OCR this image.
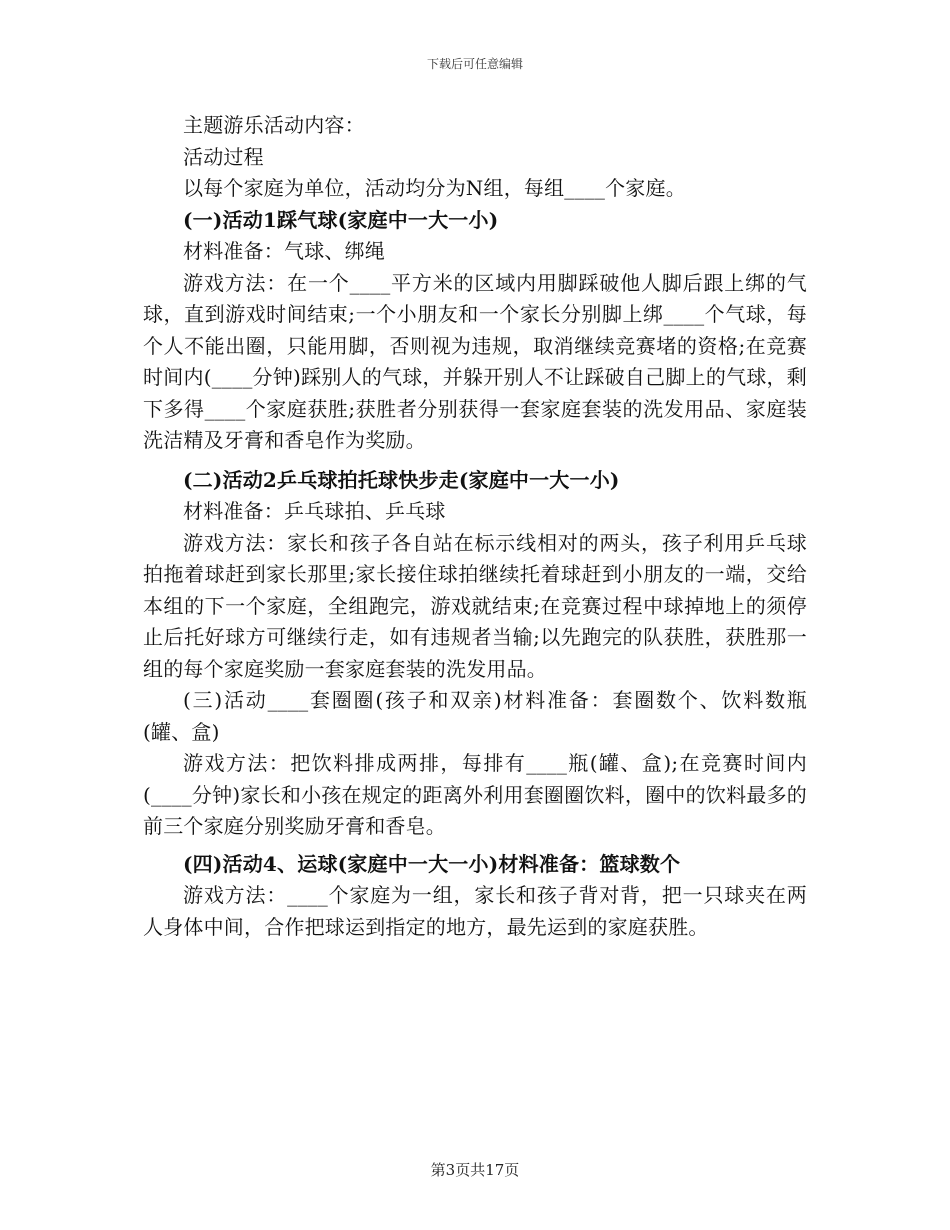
下载后可任意编辑

主题游乐活动内容：

活动过程

以每个家庭为单位，活动均分为N组，每组____个家庭。

(一)活动1踩气球(家庭中一大一小)

材料准备：气球、绑绳

游戏方法：在一个____平方米的区域内用脚踩破他人脚后跟上绑的气球，直到游戏时间结束;一个小朋友和一个家长分别脚上绑____个气球，每个人不能出圈，只能用脚，否则视为违规，取消继续竞赛堵的资格;在竞赛时间内(____分钟)踩别人的气球，并躲开别人不让踩破自己脚上的气球，剩下多得____个家庭获胜;获胜者分别获得一套家庭套装的洗发用品、家庭装洗洁精及牙膏和香皂作为奖励。

(二)活动2乒乓球拍托球快步走(家庭中一大一小)

材料准备：乒乓球拍、乒乓球

游戏方法：家长和孩子各自站在标示线相对的两头，孩子利用乒乓球拍拖着球赶到家长那里;家长接住球拍继续托着球赶到小朋友的一端，交给本组的下一个家庭，全组跑完，游戏就结束;在竞赛过程中球掉地上的须停止后托好球方可继续行走，如有违规者当输;以先跑完的队获胜，获胜那一组的每个家庭奖励一套家庭套装的洗发用品。

(三)活动____套圈圈(孩子和双亲)材料准备：套圈数个、饮料数瓶(罐、盒)

游戏方法：把饮料排成两排，每排有____瓶(罐、盒);在竞赛时间内(____分钟)家长和小孩在规定的距离外利用套圈圈饮料，圈中的饮料最多的前三个家庭分别奖励牙膏和香皂。

(四)活动4、运球(家庭中一大一小)材料准备：篮球数个

游戏方法：____个家庭为一组，家长和孩子背对背，把一只球夹在两人身体中间，合作把球运到指定的地方，最先运到的家庭获胜。

第3页共17页
